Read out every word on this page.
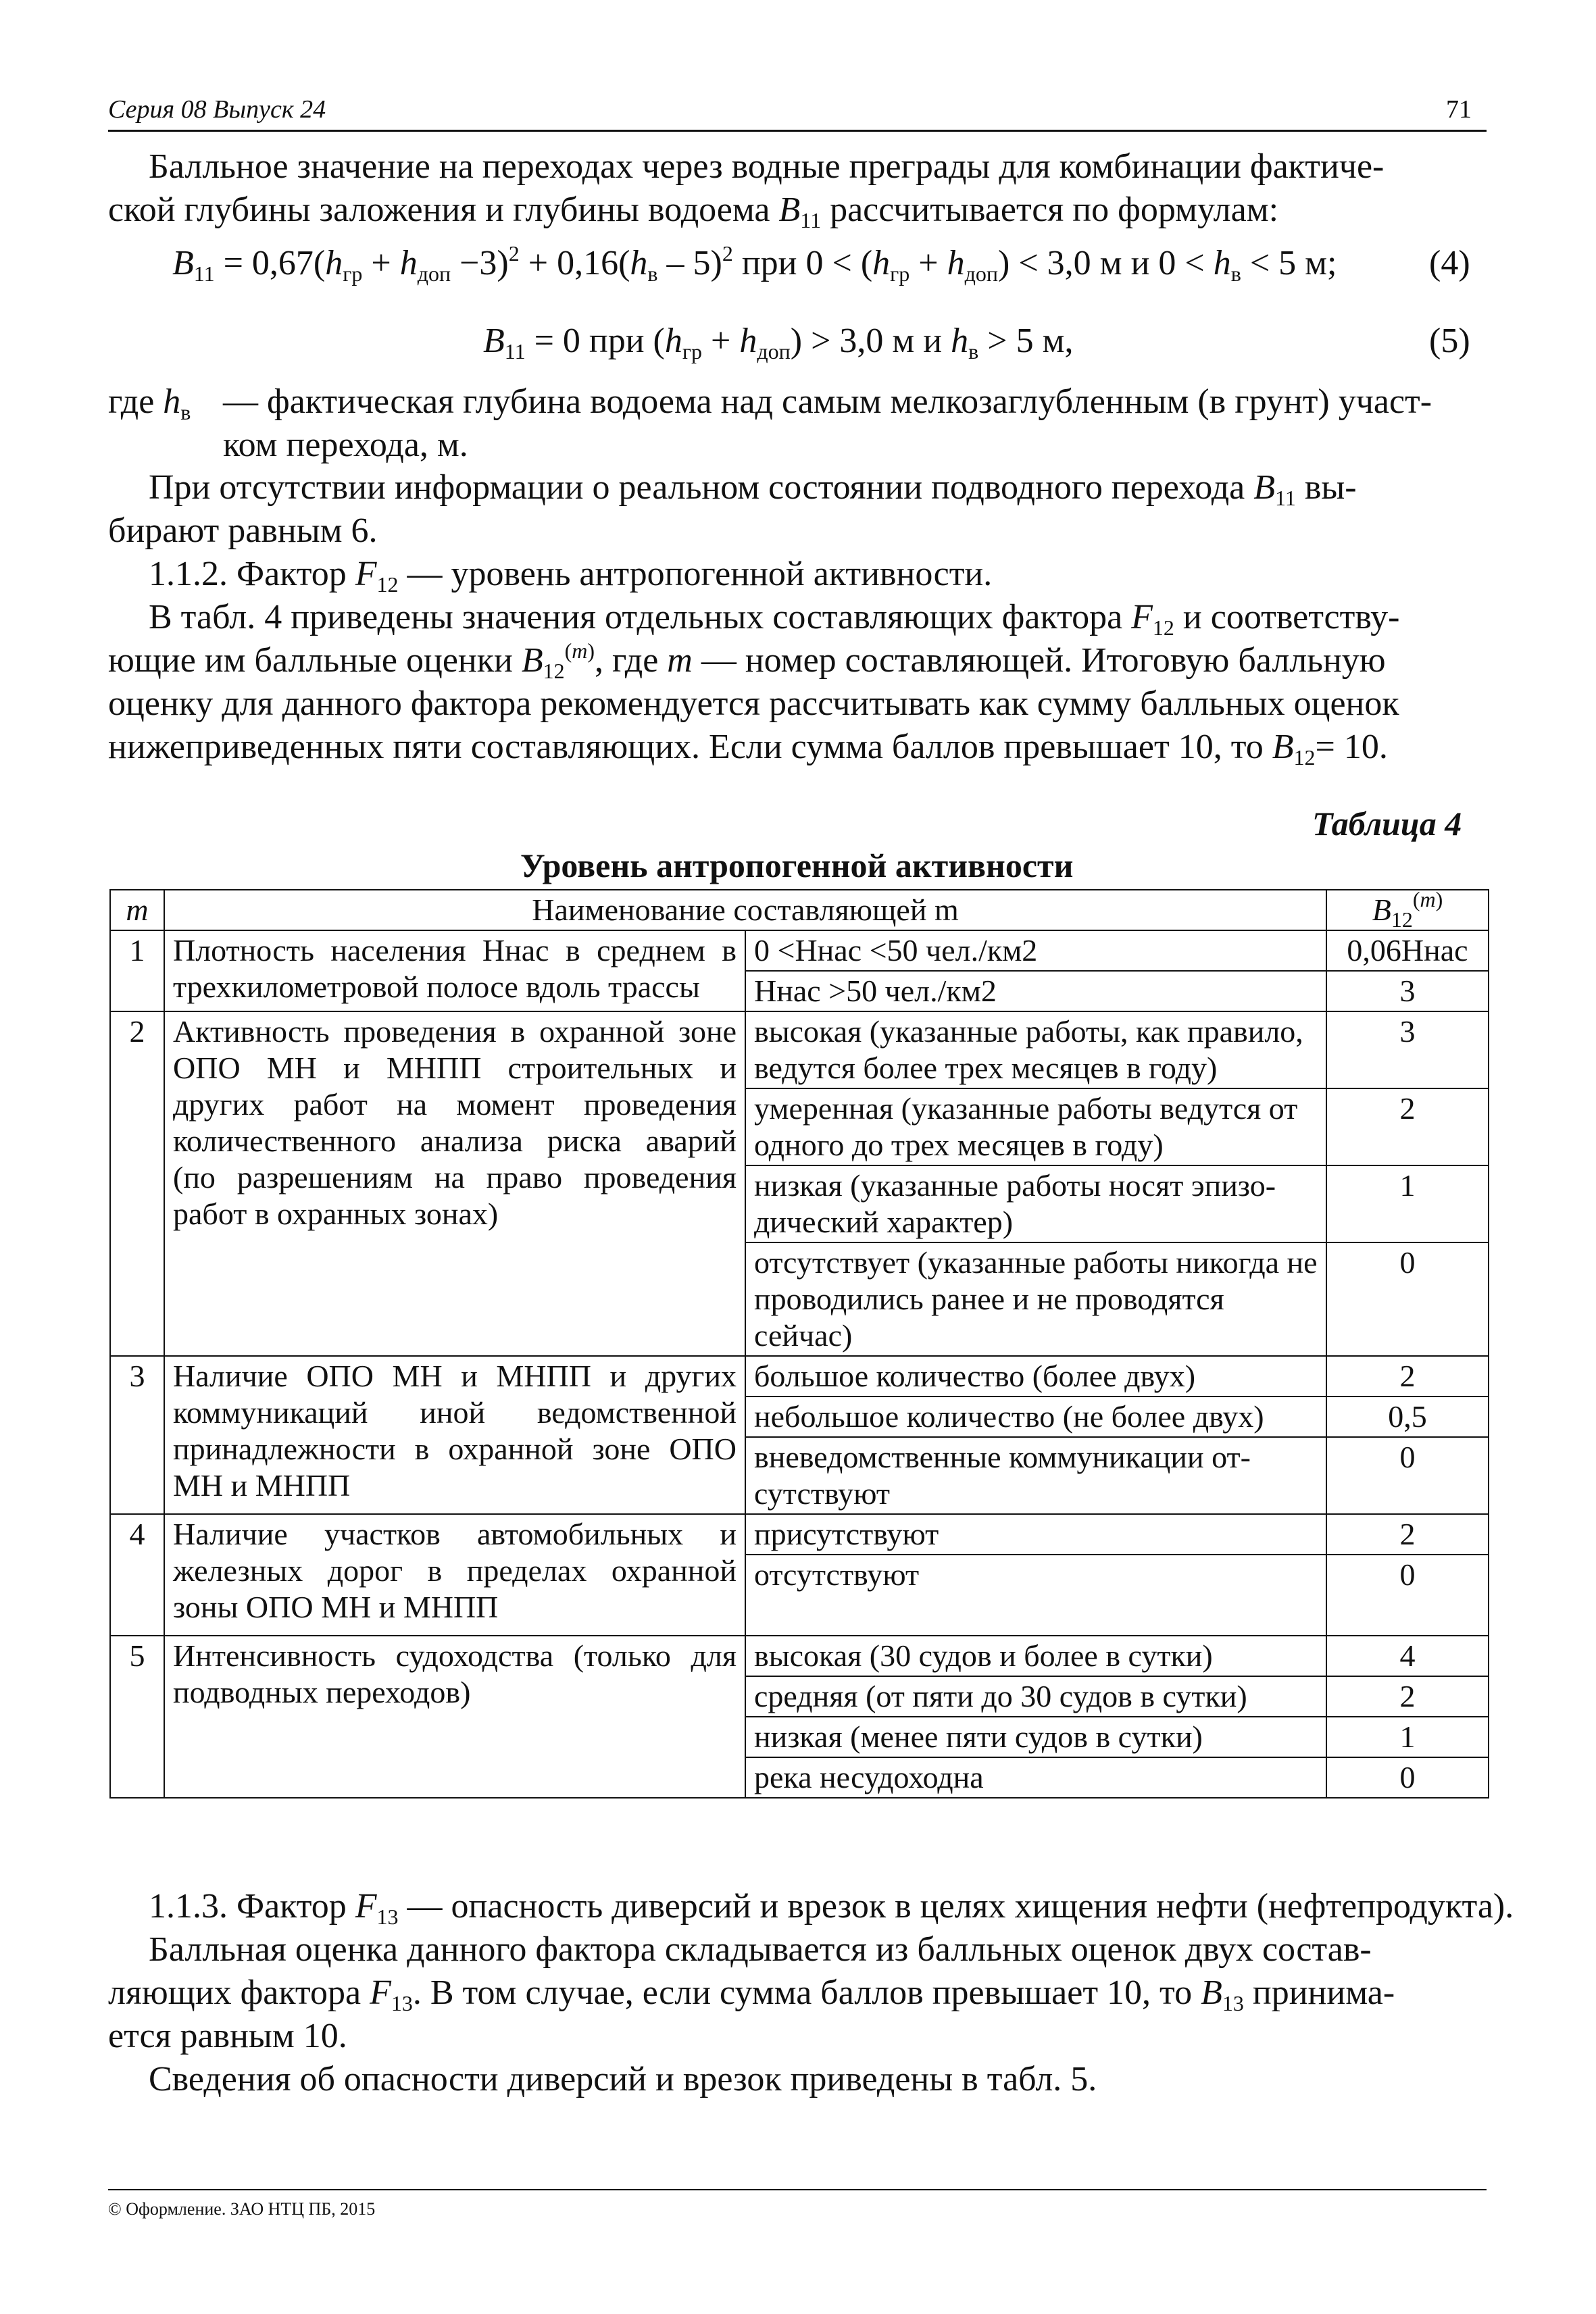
Серия 08 Выпуск 24	71
Балльное значение на переходах через водные преграды для комбинации фактиче-
ской глубины заложения и глубины водоема $B_{11}$ рассчитывается по формулам:
$B_{11} = 0,67(h_{гр} + h_{доп} -3)^2 + 0,16(h_в - 5)^2$ при $0 < (h_{гр} + h_{доп}) < 3,0$ м и $0 < h_в < 5$ м;	(4)
$B_{11} = 0$ при $(h_{гр} + h_{доп}) > 3,0$ м и $h_в > 5$ м,	(5)
где $h_в$ — фактическая глубина водоема над самым мелкозаглубленным (в грунт) участ-
ком перехода, м.
При отсутствии информации о реальном состоянии подводного перехода $B_{11}$ вы-
бирают равным 6.
1.1.2. Фактор $F_{12}$ — уровень антропогенной активности.
В табл. 4 приведены значения отдельных составляющих фактора $F_{12}$ и соответству-
ющие им балльные оценки $B_{12}^{(m)}$, где m — номер составляющей. Итоговую балльную
оценку для данного фактора рекомендуется рассчитывать как сумму балльных оценок
нижеприведенных пяти составляющих. Если сумма баллов превышает 10, то $B_{12}= 10$.
Таблица 4
Уровень антропогенной активности
m	Наименование составляющей m		$B_{12}^{(m)}$
1	Плотность населения Hнас в среднем в трехкилометровой полосе вдоль трассы	0 <Hнас <50 чел./км2	0,06Hнас
		Hнас >50 чел./км2	3
2	Активность проведения в охранной зоне ОПО МН и МНПП строительных и других работ на момент проведения количественного анализа риска аварий (по разрешениям на право проведения работ в охранных зонах)	высокая (указанные работы, как правило, ведутся более трех месяцев в году)	3
		умеренная (указанные работы ведутся от одного до трех месяцев в году)	2
		низкая (указанные работы носят эпизо-дический характер)	1
		отсутствует (указанные работы никогда не проводились ранее и не проводятся сейчас)	0
3	Наличие ОПО МН и МНПП и других коммуникаций иной ведомственной принадлежности в охранной зоне ОПО МН и МНПП	большое количество (более двух)	2
		небольшое количество (не более двух)	0,5
		вневедомственные коммуникации от-сутствуют	0
4	Наличие участков автомобильных и железных дорог в пределах охранной зоны ОПО МН и МНПП	присутствуют	2
		отсутствуют	0
5	Интенсивность судоходства (только для подводных переходов)	высокая (30 судов и более в сутки)	4
		средняя (от пяти до 30 судов в сутки)	2
		низкая (менее пяти судов в сутки)	1
		река несудоходна	0
1.1.3. Фактор $F_{13}$ — опасность диверсий и врезок в целях хищения нефти (нефтепродукта).
Балльная оценка данного фактора складывается из балльных оценок двух состав-
ляющих фактора $F_{13}$. В том случае, если сумма баллов превышает 10, то $B_{13}$ принима-
ется равным 10.
Сведения об опасности диверсий и врезок приведены в табл. 5.
© Оформление. ЗАО НТЦ ПБ, 2015
